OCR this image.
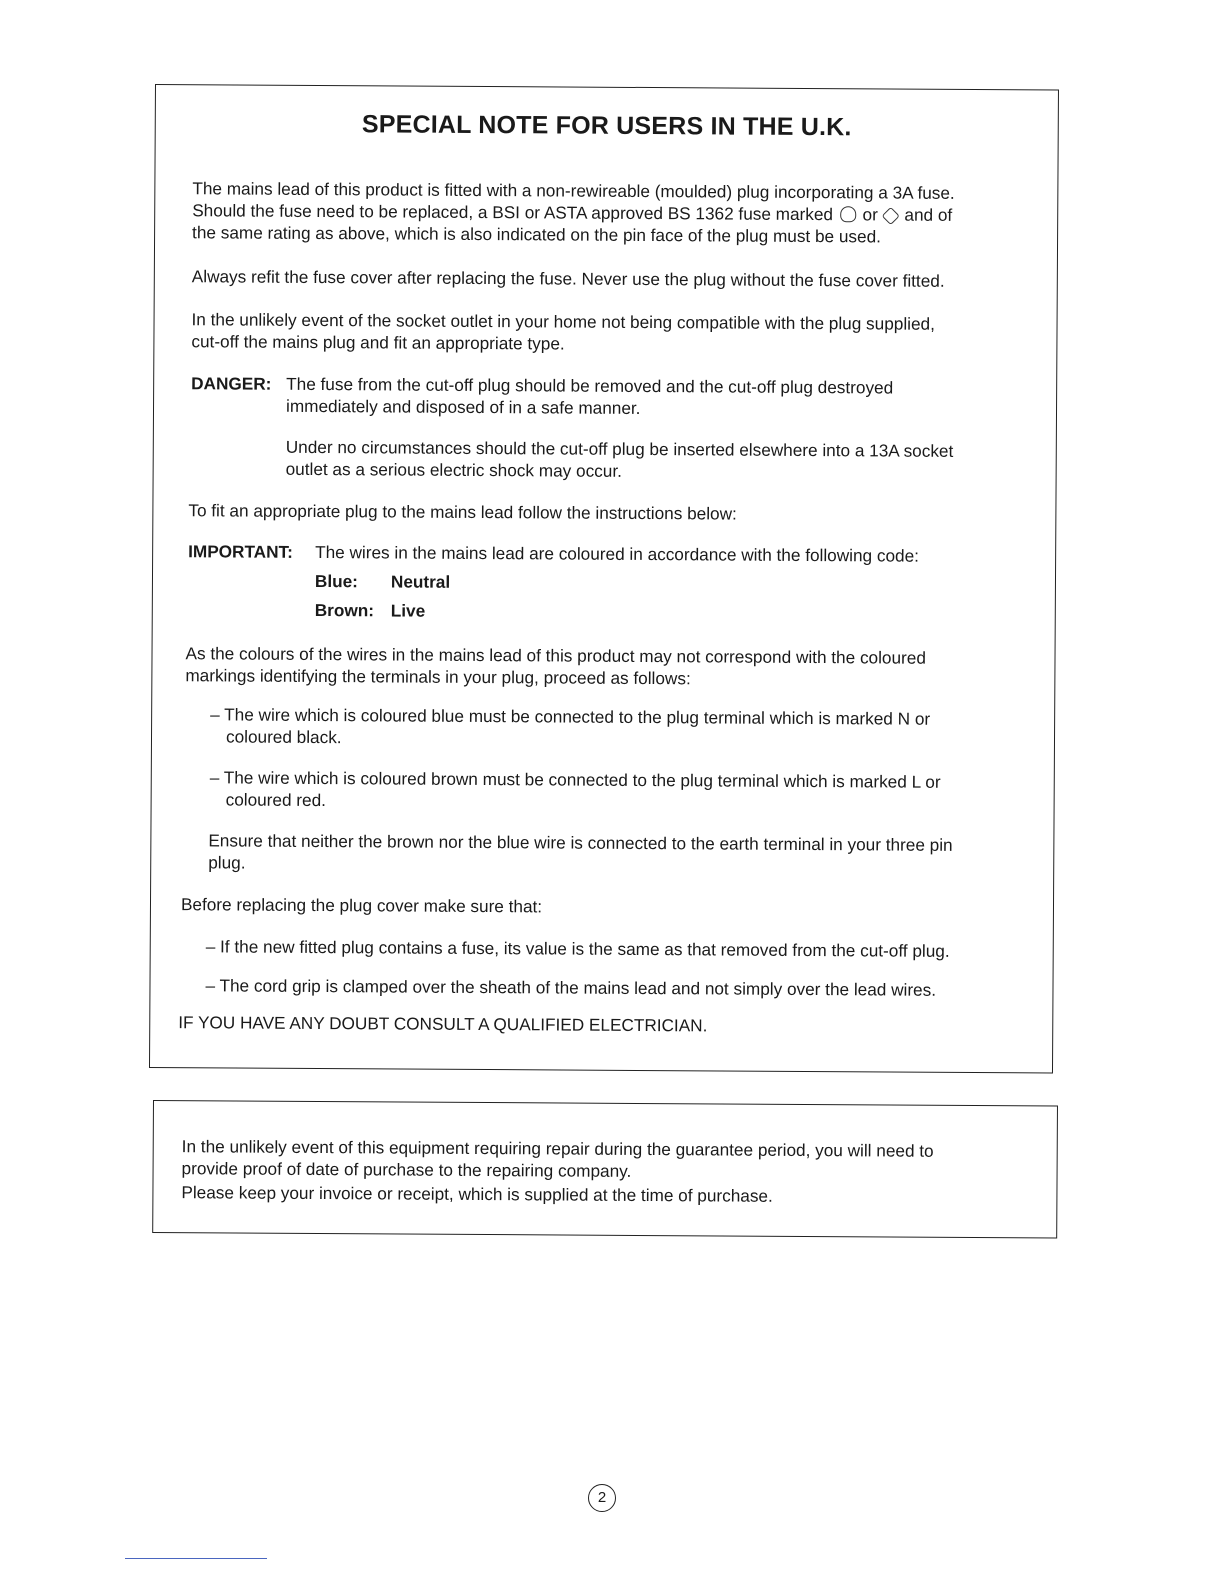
SPECIAL NOTE FOR USERS IN THE U.K.
The mains lead of this product is fitted with a non-rewireable (moulded) plug incorporating a 3A fuse.
Should the fuse need to be replaced, a BSI or ASTA approved BS 1362 fuse marked or and of
the same rating as above, which is also indicated on the pin face of the plug must be used.
Always refit the fuse cover after replacing the fuse. Never use the plug without the fuse cover fitted.
In the unlikely event of the socket outlet in your home not being compatible with the plug supplied,
cut-off the mains plug and fit an appropriate type.
DANGER: The fuse from the cut-off plug should be removed and the cut-off plug destroyed
immediately and disposed of in a safe manner.
Under no circumstances should the cut-off plug be inserted elsewhere into a 13A socket
outlet as a serious electric shock may occur.
To fit an appropriate plug to the mains lead follow the instructions below:
IMPORTANT: The wires in the mains lead are coloured in accordance with the following code:
Blue: Neutral
Brown: Live
As the colours of the wires in the mains lead of this product may not correspond with the coloured
markings identifying the terminals in your plug, proceed as follows:
– The wire which is coloured blue must be connected to the plug terminal which is marked N or
coloured black.
– The wire which is coloured brown must be connected to the plug terminal which is marked L or
coloured red.
Ensure that neither the brown nor the blue wire is connected to the earth terminal in your three pin
plug.
Before replacing the plug cover make sure that:
– If the new fitted plug contains a fuse, its value is the same as that removed from the cut-off plug.
– The cord grip is clamped over the sheath of the mains lead and not simply over the lead wires.
IF YOU HAVE ANY DOUBT CONSULT A QUALIFIED ELECTRICIAN.
In the unlikely event of this equipment requiring repair during the guarantee period, you will need to
provide proof of date of purchase to the repairing company.
Please keep your invoice or receipt, which is supplied at the time of purchase.
2
